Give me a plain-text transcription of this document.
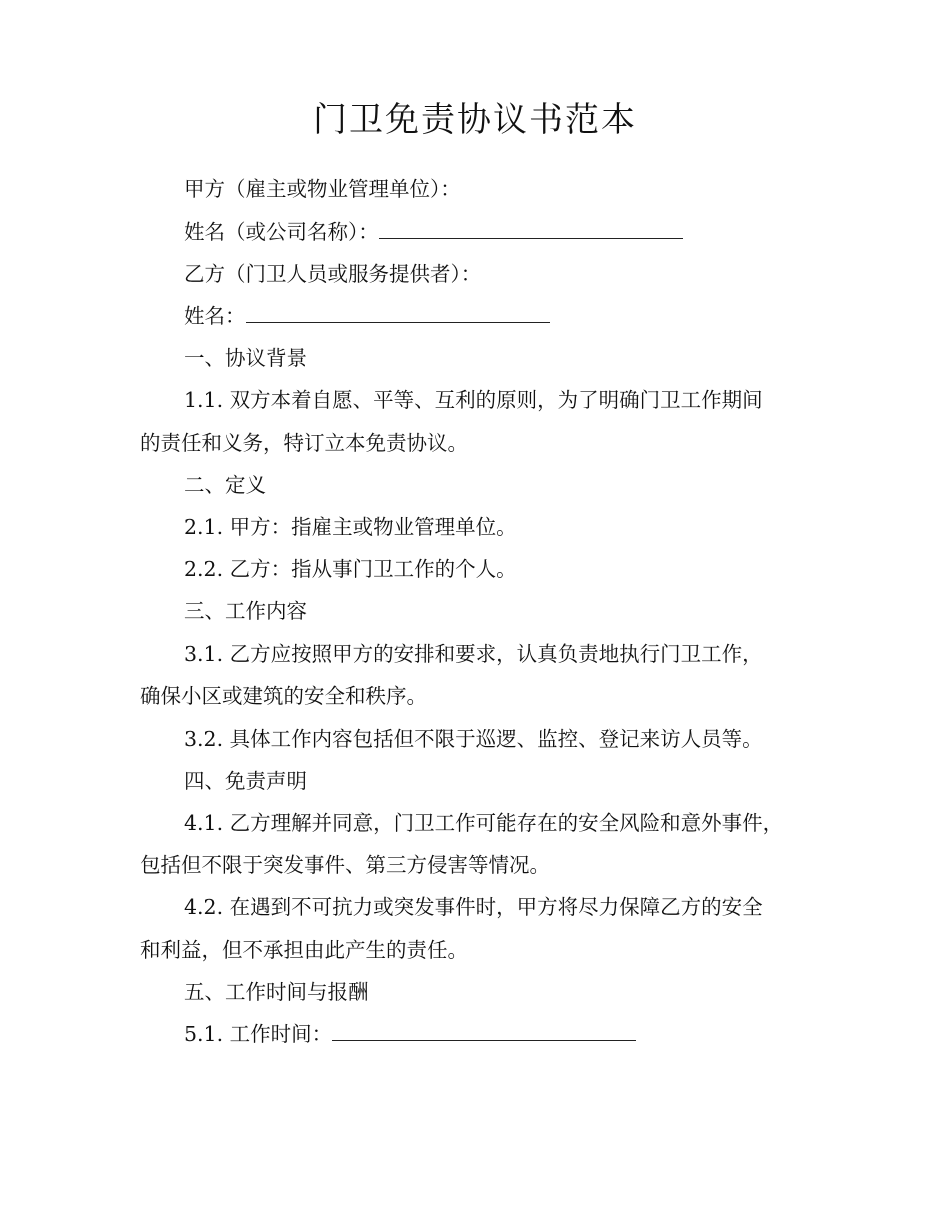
门卫免责协议书范本

甲方（雇主或物业管理单位）：

姓名（或公司名称）：

乙方（门卫人员或服务提供者）：

姓名：

一、协议背景

1.1. 双方本着自愿、平等、互利的原则，为了明确门卫工作期间

的责任和义务，特订立本免责协议。

二、定义

2.1. 甲方：指雇主或物业管理单位。

2.2. 乙方：指从事门卫工作的个人。

三、工作内容

3.1. 乙方应按照甲方的安排和要求，认真负责地执行门卫工作，

确保小区或建筑的安全和秩序。

3.2. 具体工作内容包括但不限于巡逻、监控、登记来访人员等。

四、免责声明

4.1. 乙方理解并同意，门卫工作可能存在的安全风险和意外事件，

包括但不限于突发事件、第三方侵害等情况。

4.2. 在遇到不可抗力或突发事件时，甲方将尽力保障乙方的安全

和利益，但不承担由此产生的责任。

五、工作时间与报酬

5.1. 工作时间：
